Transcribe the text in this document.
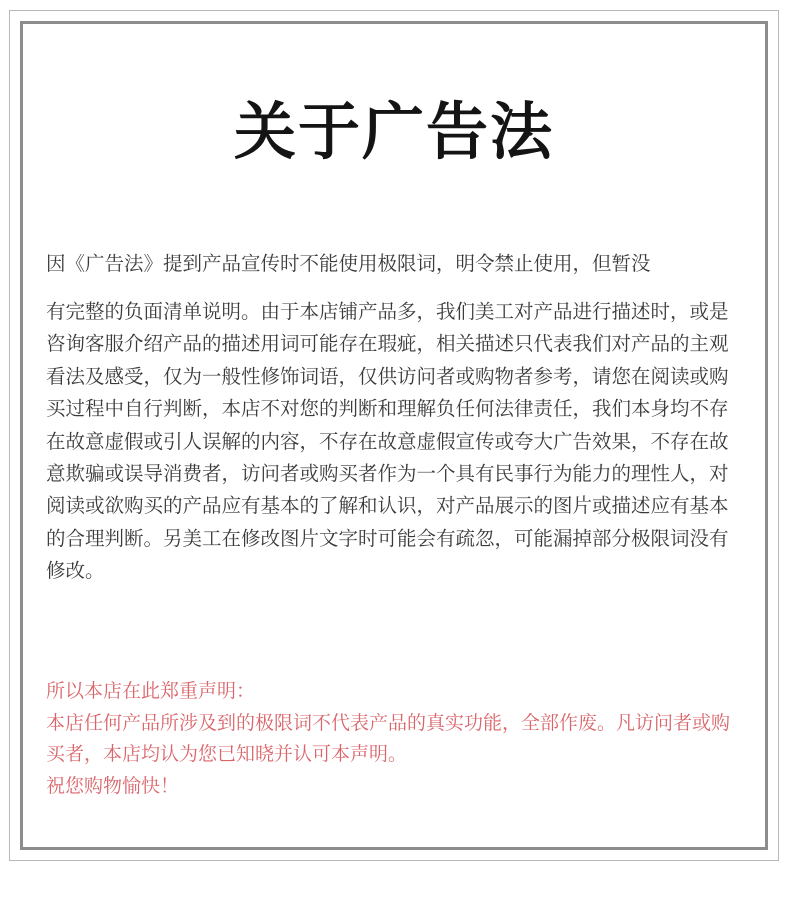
关于广告法

因《广告法》提到产品宣传时不能使用极限词，明令禁止使用，但暂没

有完整的负面清单说明。由于本店铺产品多，我们美工对产品进行描述时，或是咨询客服介绍产品的描述用词可能存在瑕疵，相关描述只代表我们对产品的主观看法及感受，仅为一般性修饰词语，仅供访问者或购物者参考，请您在阅读或购买过程中自行判断，本店不对您的判断和理解负任何法律责任，我们本身均不存在故意虚假或引人误解的内容，不存在故意虚假宣传或夸大广告效果，不存在故意欺骗或误导消费者，访问者或购买者作为一个具有民事行为能力的理性人，对阅读或欲购买的产品应有基本的了解和认识，对产品展示的图片或描述应有基本的合理判断。另美工在修改图片文字时可能会有疏忽，可能漏掉部分极限词没有修改。

所以本店在此郑重声明：
本店任何产品所涉及到的极限词不代表产品的真实功能，全部作废。凡访问者或购买者，本店均认为您已知晓并认可本声明。
祝您购物愉快！
